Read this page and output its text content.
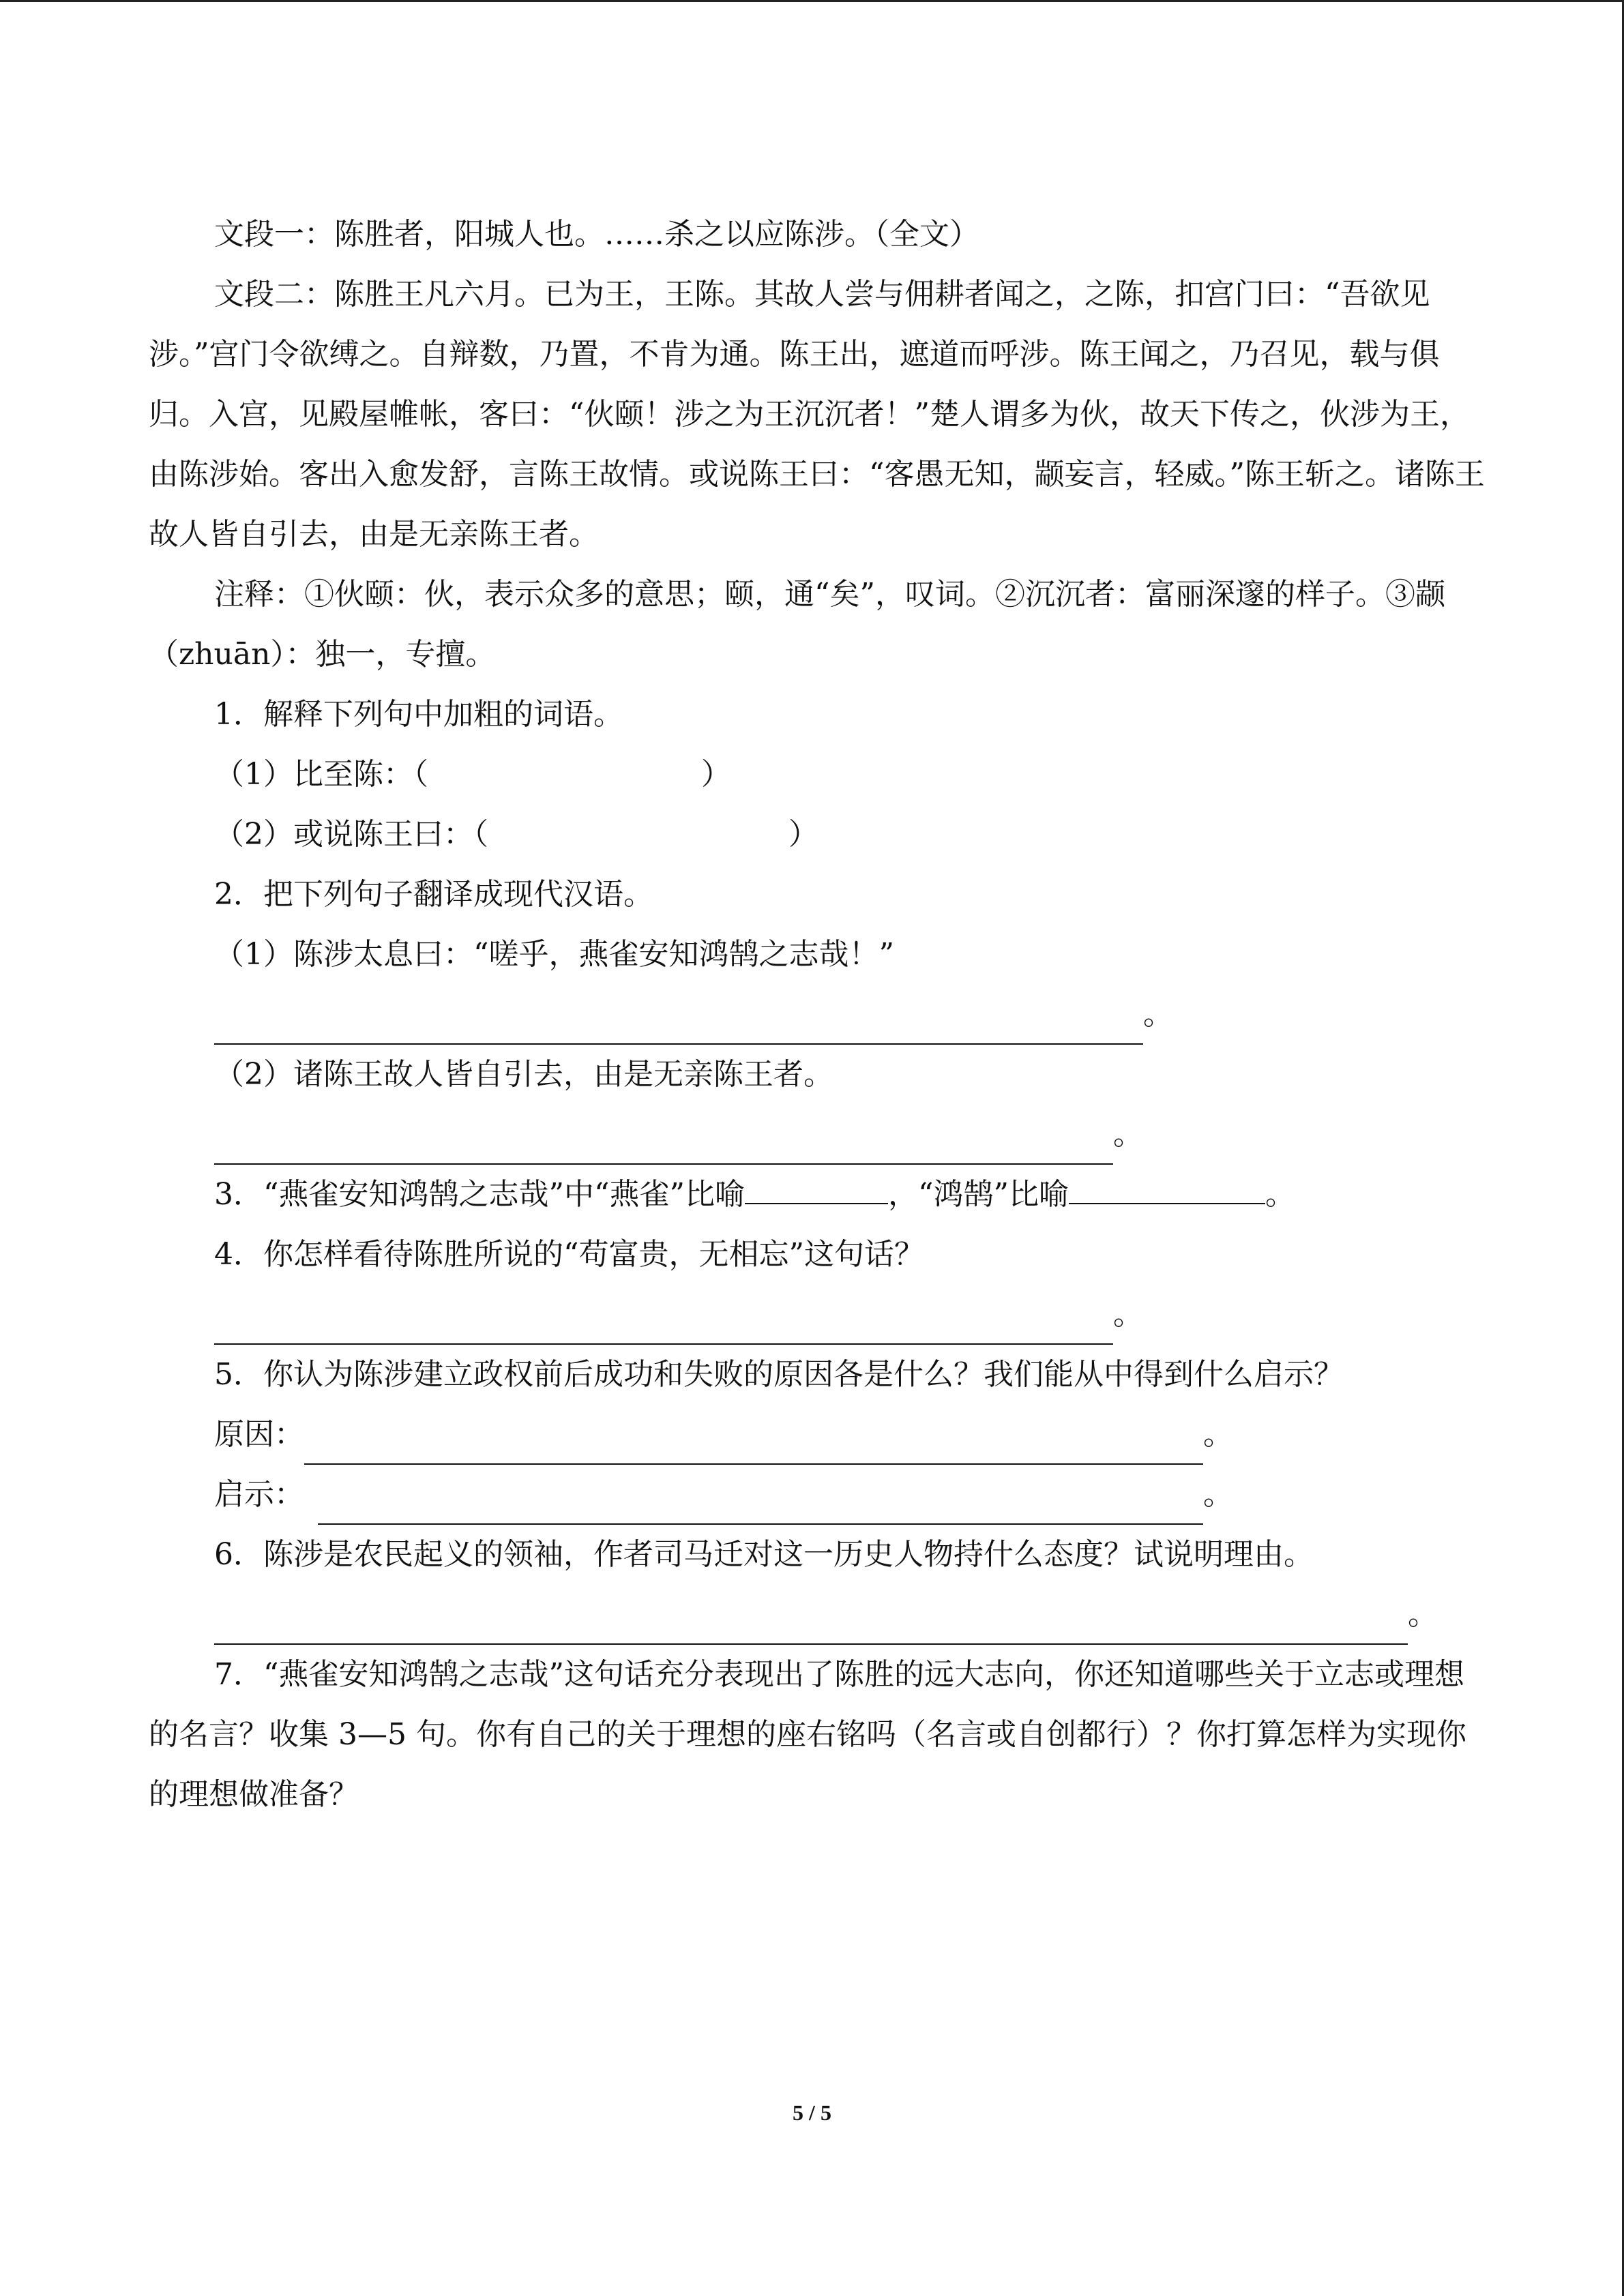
文段一：陈胜者，阳城人也。……杀之以应陈涉。（全文）

文段二：陈胜王凡六月。已为王，王陈。其故人尝与佣耕者闻之，之陈，扣宫门曰：“吾欲见涉。”宫门令欲缚之。自辩数，乃置，不肯为通。陈王出，遮道而呼涉。陈王闻之，乃召见，载与俱归。入宫，见殿屋帷帐，客曰：“伙颐！涉之为王沉沉者！”楚人谓多为伙，故天下传之，伙涉为王，由陈涉始。客出入愈发舒，言陈王故情。或说陈王曰：“客愚无知，颛妄言，轻威。”陈王斩之。诸陈王故人皆自引去，由是无亲陈王者。

注释：①伙颐：伙，表示众多的意思；颐，通“矣”，叹词。②沉沉者：富丽深邃的样子。③颛（zhuān）：独一，专擅。

1．解释下列句中加粗的词语。

（1）比至陈：（	）

（2）或说陈王曰：（	）

2．把下列句子翻译成现代汉语。

（1）陈涉太息曰：“嗟乎，燕雀安知鸿鹄之志哉！”

。

（2）诸陈王故人皆自引去，由是无亲陈王者。

。

3．“燕雀安知鸿鹄之志哉”中“燕雀”比喻	，“鸿鹄”比喻	。

4．你怎样看待陈胜所说的“苟富贵，无相忘”这句话？

。

5．你认为陈涉建立政权前后成功和失败的原因各是什么？我们能从中得到什么启示？

原因：	。
启示：	。

6．陈涉是农民起义的领袖，作者司马迁对这一历史人物持什么态度？试说明理由。

。

7．“燕雀安知鸿鹄之志哉”这句话充分表现出了陈胜的远大志向，你还知道哪些关于立志或理想的名言？收集 3—5 句。你有自己的关于理想的座右铭吗（名言或自创都行）？你打算怎样为实现你的理想做准备？

5 / 5
